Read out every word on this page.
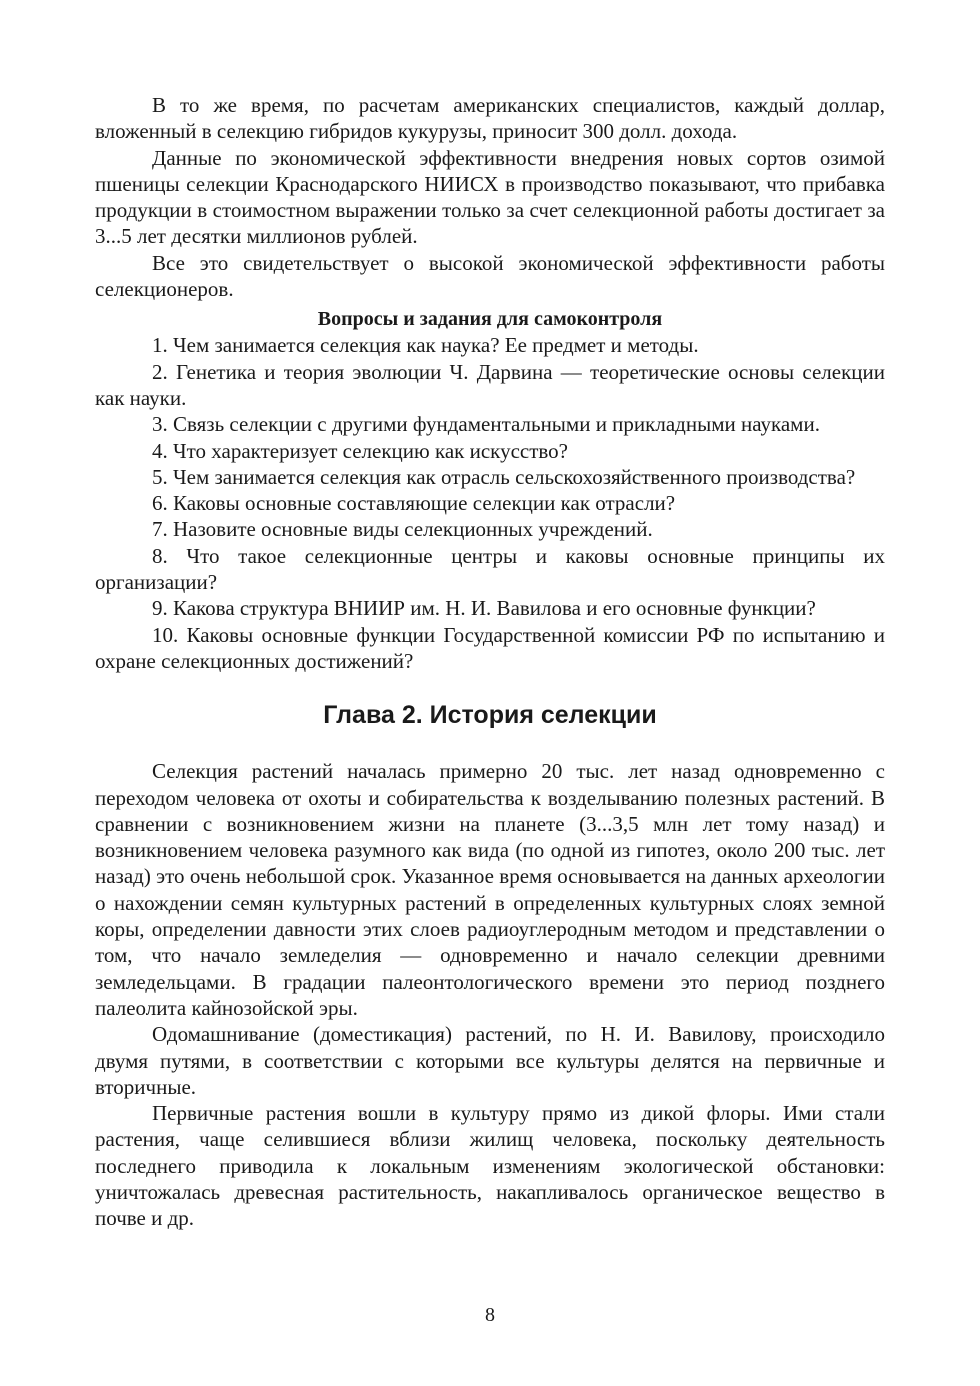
В то же время, по расчетам американских специалистов, каждый доллар, вложенный в селекцию гибридов кукурузы, приносит 300 долл. дохода.

Данные по экономической эффективности внедрения новых сортов озимой пшеницы селекции Краснодарского НИИСХ в производство показывают, что прибавка продукции в стоимостном выражении только за счет селекционной работы достигает за 3...5 лет десятки миллионов рублей.

Все это свидетельствует о высокой экономической эффективности работы селекционеров.

Вопросы и задания для самоконтроля

1. Чем занимается селекция как наука? Ее предмет и методы.

2. Генетика и теория эволюции Ч. Дарвина — теоретические основы селекции как науки.

3. Связь селекции с другими фундаментальными и прикладными науками.

4. Что характеризует селекцию как искусство?

5. Чем занимается селекция как отрасль сельскохозяйственного производства?

6. Каковы основные составляющие селекции как отрасли?

7. Назовите основные виды селекционных учреждений.

8. Что такое селекционные центры и каковы основные принципы их организации?

9. Какова структура ВНИИР им. Н. И. Вавилова и его основные функции?

10. Каковы основные функции Государственной комиссии РФ по испытанию и охране селекционных достижений?

Глава 2. История селекции

Селекция растений началась примерно 20 тыс. лет назад одновременно с переходом человека от охоты и собирательства к возделыванию полезных растений. В сравнении с возникновением жизни на планете (3...3,5 млн лет тому назад) и возникновением человека разумного как вида (по одной из гипотез, около 200 тыс. лет назад) это очень небольшой срок. Указанное время основывается на данных археологии о нахождении семян культурных растений в определенных культурных слоях земной коры, определении давности этих слоев радиоуглеродным методом и представлении о том, что начало земледелия — одновременно и начало селекции древними земледельцами. В градации палеонтологического времени это период позднего палеолита кайнозойской эры.

Одомашнивание (доместикация) растений, по Н. И. Вавилову, происходило двумя путями, в соответствии с которыми все культуры делятся на первичные и вторичные.

Первичные растения вошли в культуру прямо из дикой флоры. Ими стали растения, чаще селившиеся вблизи жилищ человека, поскольку деятельность последнего приводила к локальным изменениям экологической обстановки: уничтожалась древесная растительность, накапливалось органическое вещество в почве и др.

8
